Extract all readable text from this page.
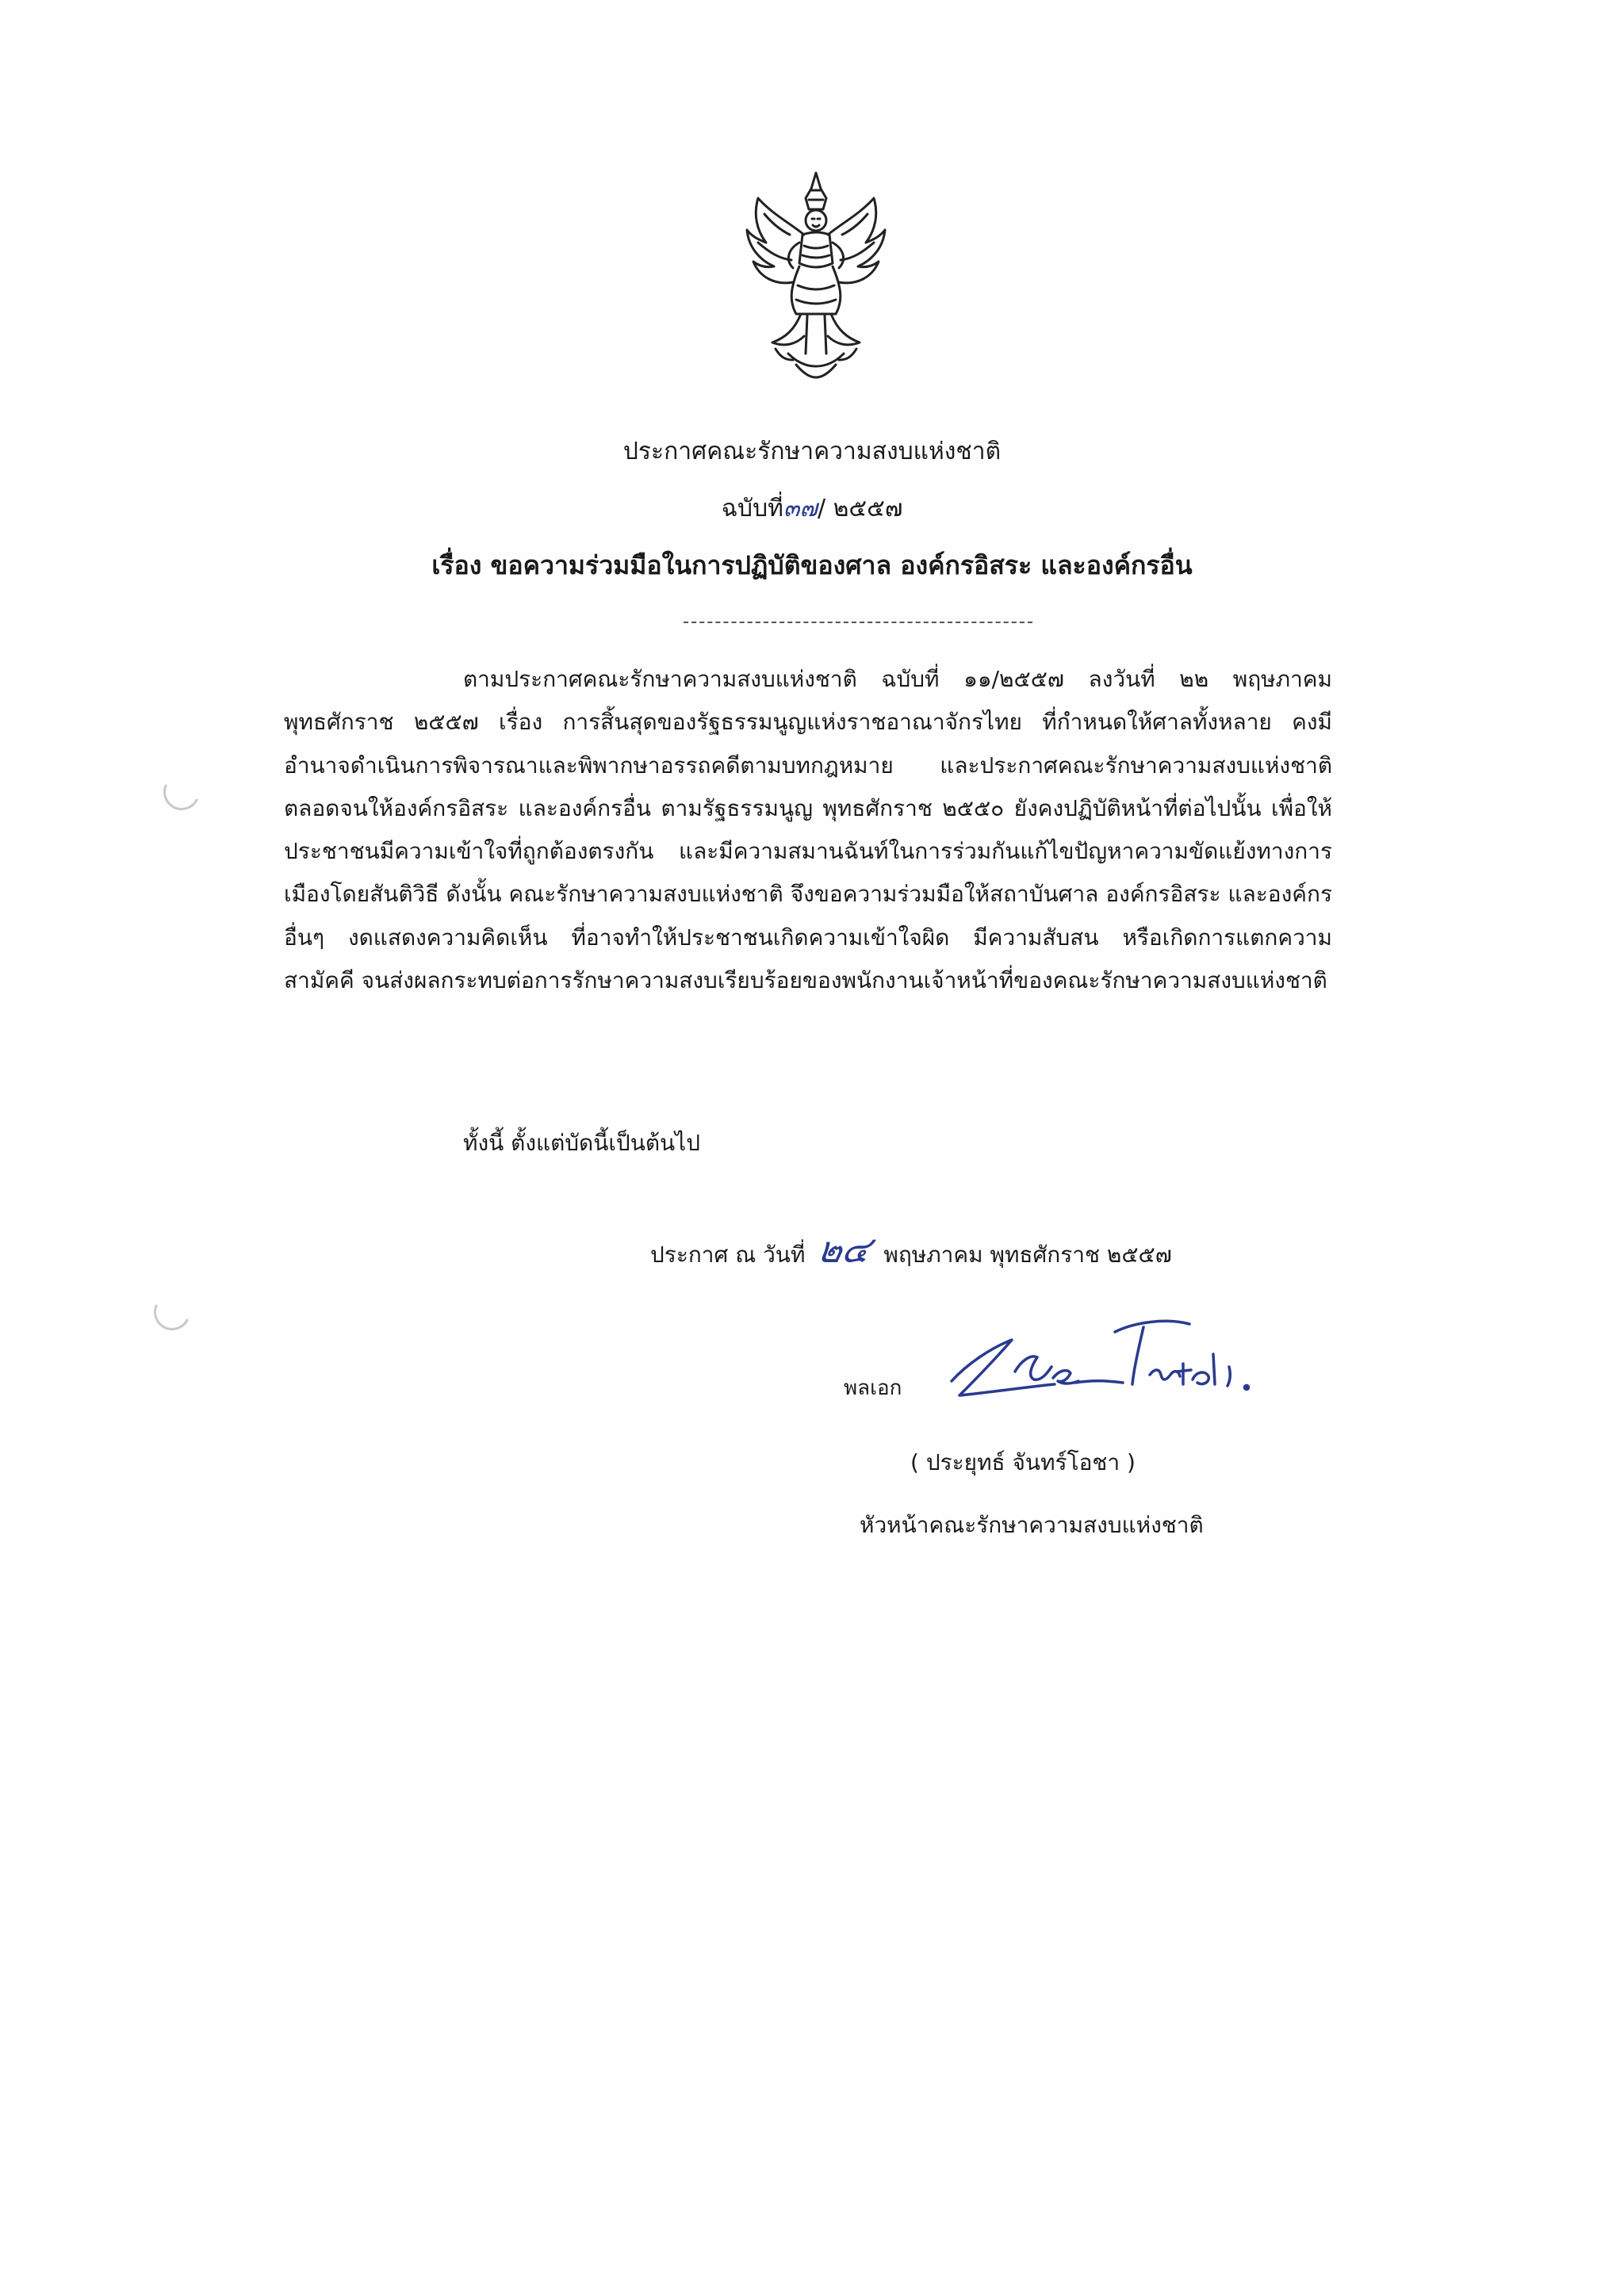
ประกาศคณะรักษาความสงบแห่งชาติ
ฉบับที่๓๗/ ๒๕๕๗
เรื่อง ขอความร่วมมือในการปฏิบัติของศาล องค์กรอิสระ และองค์กรอื่น

ตามประกาศคณะรักษาความสงบแห่งชาติ ฉบับที่ ๑๑/๒๕๕๗ ลงวันที่ ๒๒ พฤษภาคม พุทธศักราช ๒๕๕๗ เรื่อง การสิ้นสุดของรัฐธรรมนูญแห่งราชอาณาจักรไทย ที่กำหนดให้ศาลทั้งหลาย คงมีอำนาจดำเนินการพิจารณาและพิพากษาอรรถคดีตามบทกฎหมาย และประกาศคณะรักษาความสงบแห่งชาติ ตลอดจนให้องค์กรอิสระ และองค์กรอื่น ตามรัฐธรรมนูญ พุทธศักราช ๒๕๕๐ ยังคงปฏิบัติหน้าที่ต่อไปนั้น เพื่อให้ประชาชนมีความเข้าใจที่ถูกต้องตรงกัน และมีความสมานฉันท์ในการร่วมกันแก้ไขปัญหาความขัดแย้งทางการเมืองโดยสันติวิธี ดังนั้น คณะรักษาความสงบแห่งชาติ จึงขอความร่วมมือให้สถาบันศาล องค์กรอิสระ และองค์กรอื่นๆ งดแสดงความคิดเห็น ที่อาจทำให้ประชาชนเกิดความเข้าใจผิด มีความสับสน หรือเกิดการแตกความสามัคคี จนส่งผลกระทบต่อการรักษาความสงบเรียบร้อยของพนักงานเจ้าหน้าที่ของคณะรักษาความสงบแห่งชาติ

ทั้งนี้ ตั้งแต่บัดนี้เป็นต้นไป
ประกาศ ณ วันที่ ๒๔ พฤษภาคม พุทธศักราช ๒๕๕๗
พลเอก
( ประยุทธ์ จันทร์โอชา )
หัวหน้าคณะรักษาความสงบแห่งชาติ
